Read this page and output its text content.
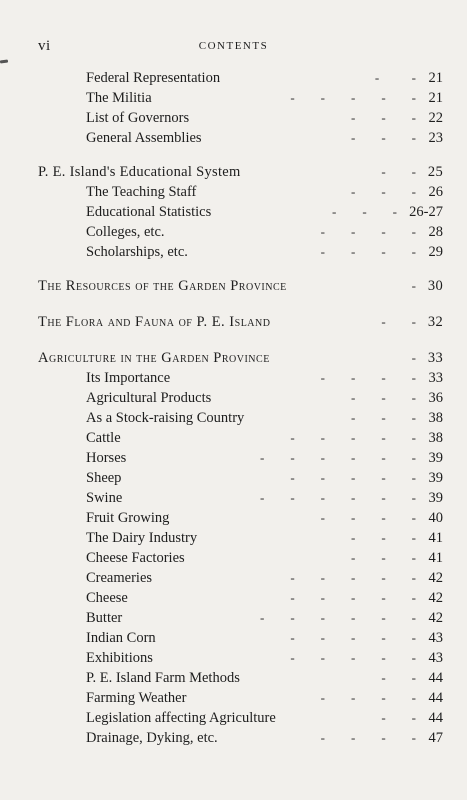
vi	CONTENTS
Federal Representation	-          - 21
The Militia	-        -        -        -        - 21
List of Governors	-        -        - 22
General Assemblies	-        -        - 23
P. E. Island's Educational System	-        - 25
The Teaching Staff	-        -        - 26
Educational Statistics	-        -        - 26-27
Colleges, etc.	-        -        -        - 28
Scholarships, etc.	-        -        -        - 29
The Resources of the Garden Province	- 30
The Flora and Fauna of P. E. Island	-        - 32
Agriculture in the Garden Province	- 33
Its Importance	-        -        -        - 33
Agricultural Products	-        -        - 36
As a Stock-raising Country	-        -        - 38
Cattle	-        -        -        -        - 38
Horses	-        -        -        -        -        - 39
Sheep	-        -        -        -        - 39
Swine	-        -        -        -        -        - 39
Fruit Growing	-        -        -        - 40
The Dairy Industry	-        -        - 41
Cheese Factories	-        -        - 41
Creameries	-        -        -        -        - 42
Cheese	-        -        -        -        - 42
Butter	-        -        -        -        -        - 42
Indian Corn	-        -        -        -        - 43
Exhibitions	-        -        -        -        - 43
P. E. Island Farm Methods	-        - 44
Farming Weather	-        -        -        - 44
Legislation affecting Agriculture	-        - 44
Drainage, Dyking, etc.	-        -        -        - 47
